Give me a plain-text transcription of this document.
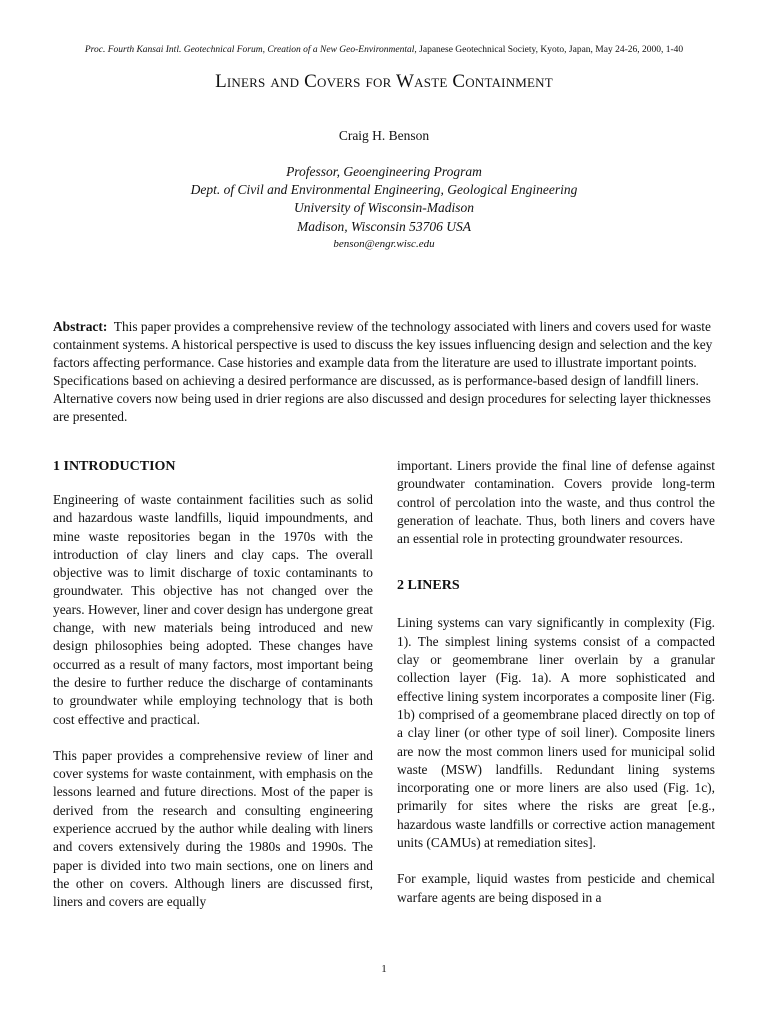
Proc. Fourth Kansai Intl. Geotechnical Forum, Creation of a New Geo-Environmental, Japanese Geotechnical Society, Kyoto, Japan, May 24-26, 2000, 1-40
Liners and Covers for Waste Containment
Craig H. Benson
Professor, Geoengineering Program
Dept. of Civil and Environmental Engineering, Geological Engineering
University of Wisconsin-Madison
Madison, Wisconsin 53706 USA
benson@engr.wisc.edu
Abstract: This paper provides a comprehensive review of the technology associated with liners and covers used for waste containment systems. A historical perspective is used to discuss the key issues influencing design and selection and the key factors affecting performance. Case histories and example data from the literature are used to illustrate important points. Specifications based on achieving a desired performance are discussed, as is performance-based design of landfill liners. Alternative covers now being used in drier regions are also discussed and design procedures for selecting layer thicknesses are presented.
1 INTRODUCTION

Engineering of waste containment facilities such as solid and hazardous waste landfills, liquid impoundments, and mine waste repositories began in the 1970s with the introduction of clay liners and clay caps. The overall objective was to limit discharge of toxic contaminants to groundwater. This objective has not changed over the years. However, liner and cover design has undergone great change, with new materials being introduced and new design philosophies being adopted. These changes have occurred as a result of many factors, most important being the desire to further reduce the discharge of contaminants to groundwater while employing technology that is both cost effective and practical.

This paper provides a comprehensive review of liner and cover systems for waste containment, with emphasis on the lessons learned and future directions. Most of the paper is derived from the research and consulting engineering experience accrued by the author while dealing with liners and covers extensively during the 1980s and 1990s. The paper is divided into two main sections, one on liners and the other on covers. Although liners are discussed first, liners and covers are equally

important. Liners provide the final line of defense against groundwater contamination. Covers provide long-term control of percolation into the waste, and thus control the generation of leachate. Thus, both liners and covers have an essential role in protecting groundwater resources.

2 LINERS

Lining systems can vary significantly in complexity (Fig. 1). The simplest lining systems consist of a compacted clay or geomembrane liner overlain by a granular collection layer (Fig. 1a). A more sophisticated and effective lining system incorporates a composite liner (Fig. 1b) comprised of a geomembrane placed directly on top of a clay liner (or other type of soil liner). Composite liners are now the most common liners used for municipal solid waste (MSW) landfills. Redundant lining systems incorporating one or more liners are also used (Fig. 1c), primarily for sites where the risks are great [e.g., hazardous waste landfills or corrective action management units (CAMUs) at remediation sites].

For example, liquid wastes from pesticide and chemical warfare agents are being disposed in a

1
